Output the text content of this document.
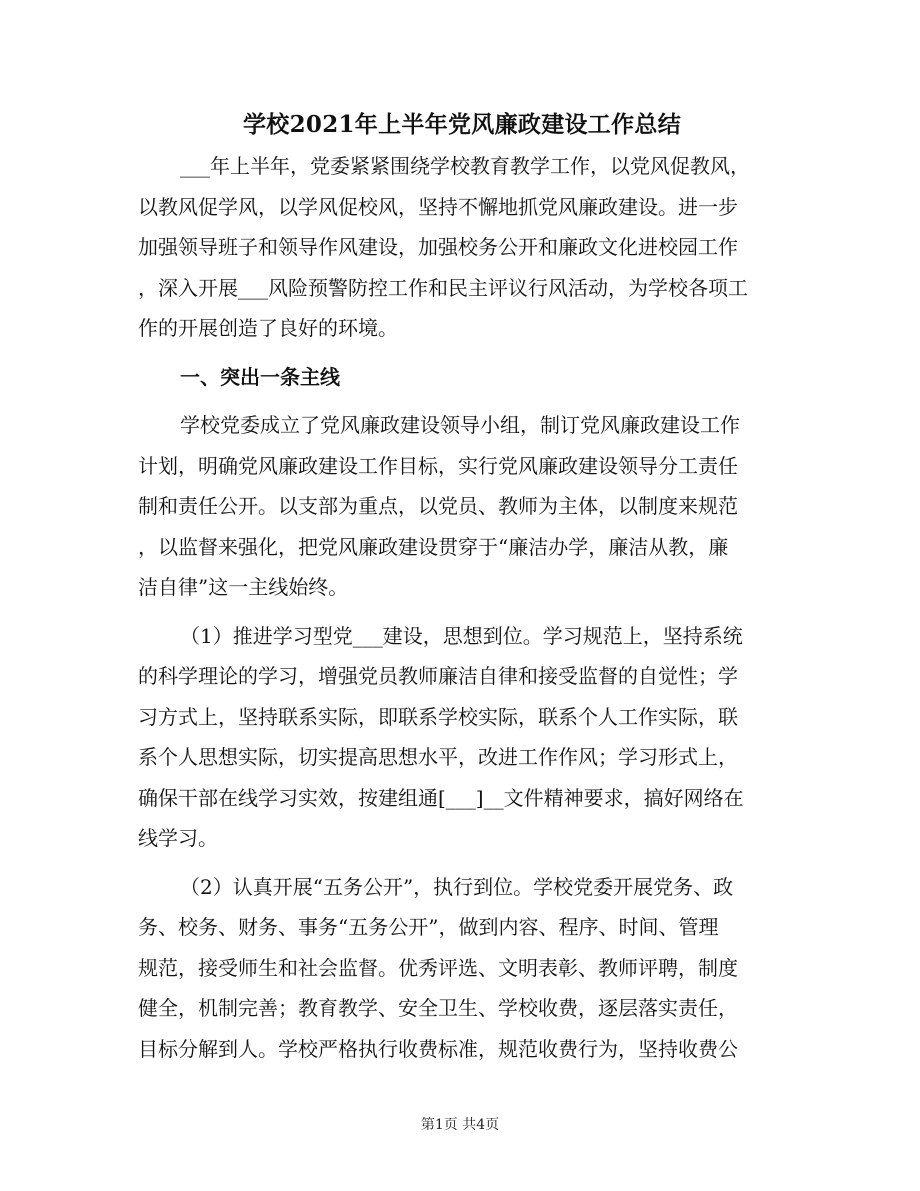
学校2021年上半年党风廉政建设工作总结
___年上半年，党委紧紧围绕学校教育教学工作，以党风促教风，
以教风促学风，以学风促校风，坚持不懈地抓党风廉政建设。进一步
加强领导班子和领导作风建设，加强校务公开和廉政文化进校园工作
，深入开展___风险预警防控工作和民主评议行风活动，为学校各项工
作的开展创造了良好的环境。
一、突出一条主线
学校党委成立了党风廉政建设领导小组，制订党风廉政建设工作
计划，明确党风廉政建设工作目标，实行党风廉政建设领导分工责任
制和责任公开。以支部为重点，以党员、教师为主体，以制度来规范
，以监督来强化，把党风廉政建设贯穿于“廉洁办学，廉洁从教，廉
洁自律”这一主线始终。
（1）推进学习型党___建设，思想到位。学习规范上，坚持系统
的科学理论的学习，增强党员教师廉洁自律和接受监督的自觉性；学
习方式上，坚持联系实际，即联系学校实际，联系个人工作实际，联
系个人思想实际，切实提高思想水平，改进工作作风；学习形式上，
确保干部在线学习实效，按建组通[___]__文件精神要求，搞好网络在
线学习。
（2）认真开展“五务公开”，执行到位。学校党委开展党务、政
务、校务、财务、事务“五务公开”，做到内容、程序、时间、管理
规范，接受师生和社会监督。优秀评选、文明表彰、教师评聘，制度
健全，机制完善；教育教学、安全卫生、学校收费，逐层落实责任，
目标分解到人。学校严格执行收费标准，规范收费行为，坚持收费公
第1页 共4页
